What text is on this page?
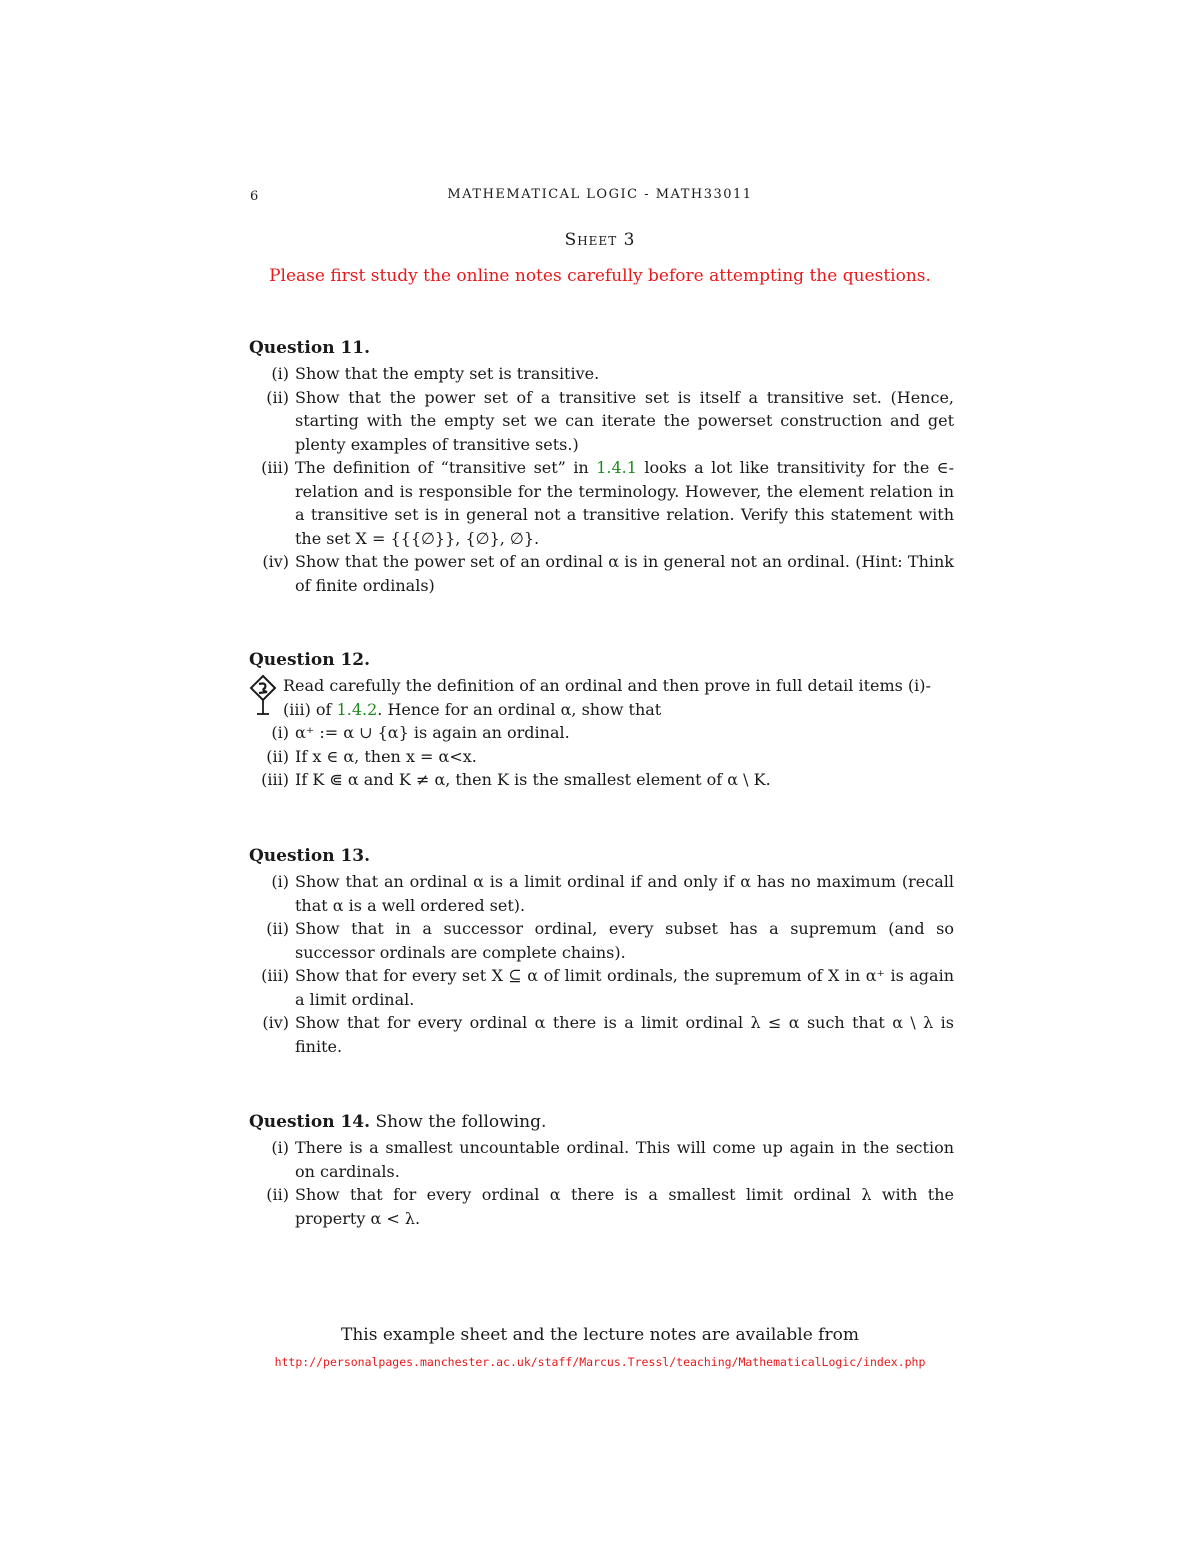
6	MATHEMATICAL LOGIC - MATH33011
Sheet 3
Please first study the online notes carefully before attempting the questions.
Question 11.
(i) Show that the empty set is transitive.
(ii) Show that the power set of a transitive set is itself a transitive set. (Hence, starting with the empty set we can iterate the powerset construction and get plenty examples of transitive sets.)
(iii) The definition of “transitive set” in 1.4.1 looks a lot like transitivity for the ∈-relation and is responsible for the terminology. However, the element relation in a transitive set is in general not a transitive relation. Verify this statement with the set X = {{{∅}}, {∅}, ∅}.
(iv) Show that the power set of an ordinal α is in general not an ordinal. (Hint: Think of finite ordinals)
Question 12.
Read carefully the definition of an ordinal and then prove in full detail items (i)-(iii) of 1.4.2. Hence for an ordinal α, show that
(i) α⁺ := α ∪ {α} is again an ordinal.
(ii) If x ∈ α, then x = α<x.
(iii) If K ⋐ α and K ≠ α, then K is the smallest element of α \ K.
Question 13.
(i) Show that an ordinal α is a limit ordinal if and only if α has no maximum (recall that α is a well ordered set).
(ii) Show that in a successor ordinal, every subset has a supremum (and so successor ordinals are complete chains).
(iii) Show that for every set X ⊆ α of limit ordinals, the supremum of X in α⁺ is again a limit ordinal.
(iv) Show that for every ordinal α there is a limit ordinal λ ≤ α such that α \ λ is finite.
Question 14. Show the following.
(i) There is a smallest uncountable ordinal. This will come up again in the section on cardinals.
(ii) Show that for every ordinal α there is a smallest limit ordinal λ with the property α < λ.
This example sheet and the lecture notes are available from
http://personalpages.manchester.ac.uk/staff/Marcus.Tressl/teaching/MathematicalLogic/index.php
